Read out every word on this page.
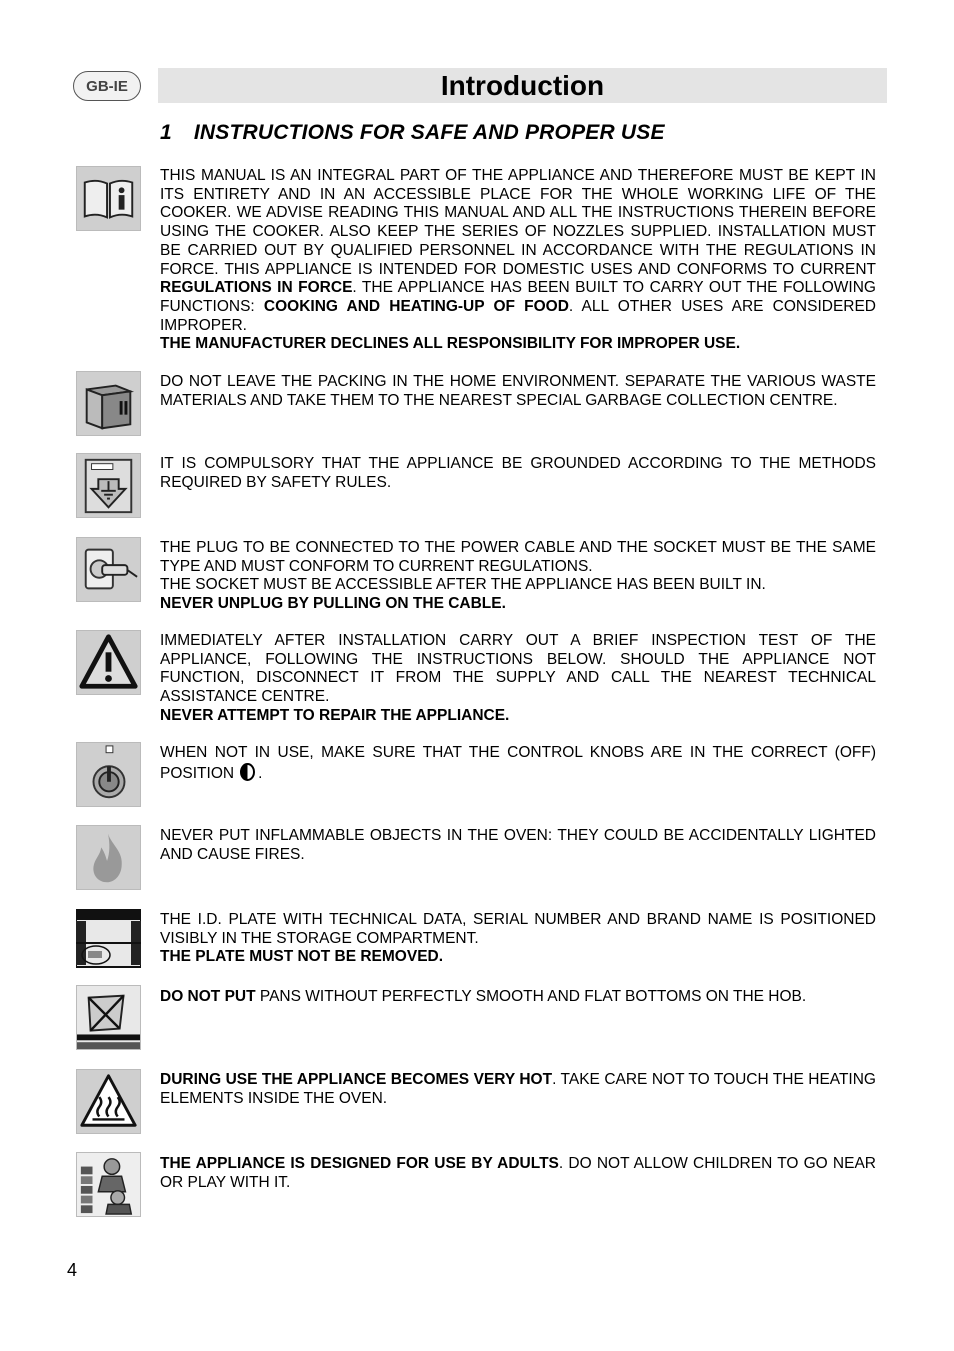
GB-IE	Introduction
1 INSTRUCTIONS FOR SAFE AND PROPER USE

THIS MANUAL IS AN INTEGRAL PART OF THE APPLIANCE AND THEREFORE MUST BE KEPT IN ITS ENTIRETY AND IN AN ACCESSIBLE PLACE FOR THE WHOLE WORKING LIFE OF THE COOKER. WE ADVISE READING THIS MANUAL AND ALL THE INSTRUCTIONS THEREIN BEFORE USING THE COOKER. ALSO KEEP THE SERIES OF NOZZLES SUPPLIED. INSTALLATION MUST BE CARRIED OUT BY QUALIFIED PERSONNEL IN ACCORDANCE WITH THE REGULATIONS IN FORCE. THIS APPLIANCE IS INTENDED FOR DOMESTIC USES AND CONFORMS TO CURRENT REGULATIONS IN FORCE. THE APPLIANCE HAS BEEN BUILT TO CARRY OUT THE FOLLOWING FUNCTIONS: COOKING AND HEATING-UP OF FOOD. ALL OTHER USES ARE CONSIDERED IMPROPER.

THE MANUFACTURER DECLINES ALL RESPONSIBILITY FOR IMPROPER USE.

DO NOT LEAVE THE PACKING IN THE HOME ENVIRONMENT. SEPARATE THE VARIOUS WASTE MATERIALS AND TAKE THEM TO THE NEAREST SPECIAL GARBAGE COLLECTION CENTRE.

IT IS COMPULSORY THAT THE APPLIANCE BE GROUNDED ACCORDING TO THE METHODS REQUIRED BY SAFETY RULES.

THE PLUG TO BE CONNECTED TO THE POWER CABLE AND THE SOCKET MUST BE THE SAME TYPE AND MUST CONFORM TO CURRENT REGULATIONS.

THE SOCKET MUST BE ACCESSIBLE AFTER THE APPLIANCE HAS BEEN BUILT IN.

NEVER UNPLUG BY PULLING ON THE CABLE.

IMMEDIATELY AFTER INSTALLATION CARRY OUT A BRIEF INSPECTION TEST OF THE APPLIANCE, FOLLOWING THE INSTRUCTIONS BELOW. SHOULD THE APPLIANCE NOT FUNCTION, DISCONNECT IT FROM THE SUPPLY AND CALL THE NEAREST TECHNICAL ASSISTANCE CENTRE.

NEVER ATTEMPT TO REPAIR THE APPLIANCE.

WHEN NOT IN USE, MAKE SURE THAT THE CONTROL KNOBS ARE IN THE CORRECT (OFF) POSITION .

NEVER PUT INFLAMMABLE OBJECTS IN THE OVEN: THEY COULD BE ACCIDENTALLY LIGHTED AND CAUSE FIRES.

THE I.D. PLATE WITH TECHNICAL DATA, SERIAL NUMBER AND BRAND NAME IS POSITIONED VISIBLY IN THE STORAGE COMPARTMENT.

THE PLATE MUST NOT BE REMOVED.

DO NOT PUT PANS WITHOUT PERFECTLY SMOOTH AND FLAT BOTTOMS ON THE HOB.

DURING USE THE APPLIANCE BECOMES VERY HOT. TAKE CARE NOT TO TOUCH THE HEATING ELEMENTS INSIDE THE OVEN.

THE APPLIANCE IS DESIGNED FOR USE BY ADULTS. DO NOT ALLOW CHILDREN TO GO NEAR OR PLAY WITH IT.

4
